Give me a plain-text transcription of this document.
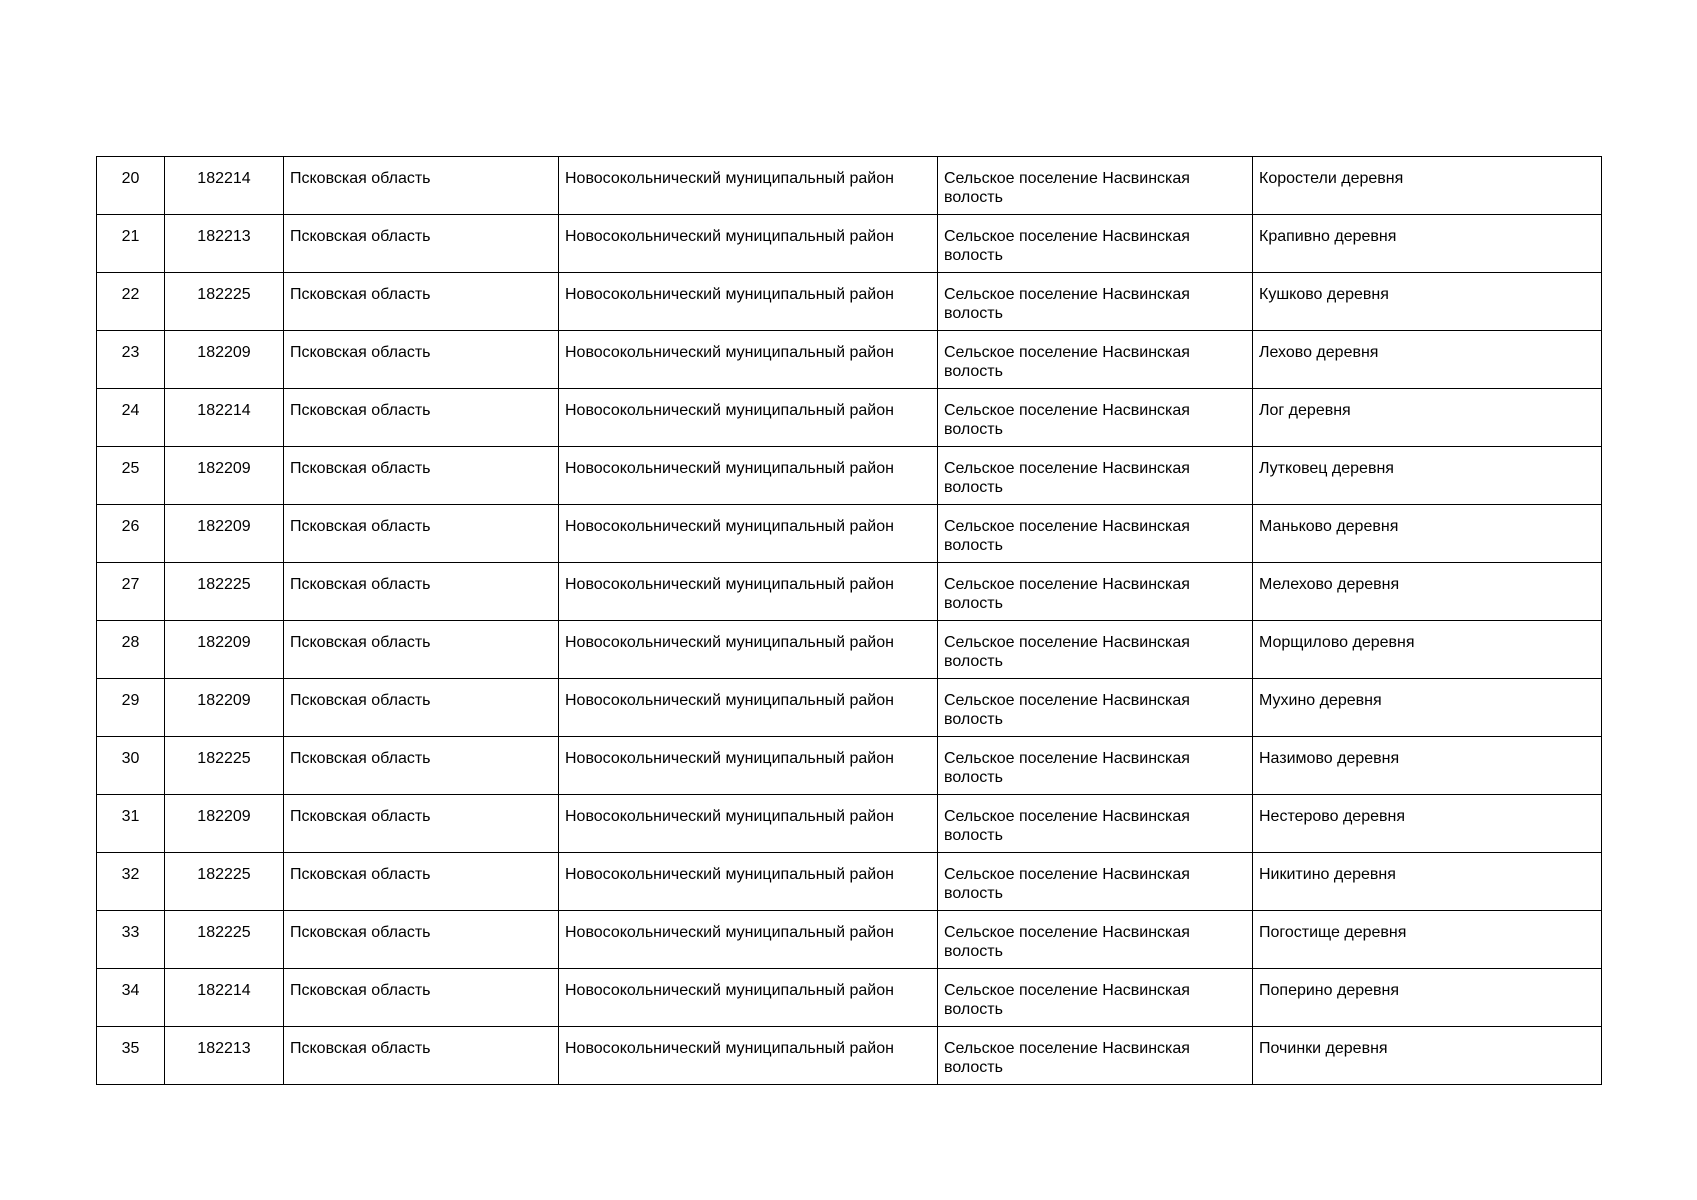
20	182214	Псковская область	Новосокольнический муниципальный район	Сельское поселение Насвинская волость	Коростели деревня
21	182213	Псковская область	Новосокольнический муниципальный район	Сельское поселение Насвинская волость	Крапивно деревня
22	182225	Псковская область	Новосокольнический муниципальный район	Сельское поселение Насвинская волость	Кушково деревня
23	182209	Псковская область	Новосокольнический муниципальный район	Сельское поселение Насвинская волость	Лехово деревня
24	182214	Псковская область	Новосокольнический муниципальный район	Сельское поселение Насвинская волость	Лог деревня
25	182209	Псковская область	Новосокольнический муниципальный район	Сельское поселение Насвинская волость	Лутковец деревня
26	182209	Псковская область	Новосокольнический муниципальный район	Сельское поселение Насвинская волость	Маньково деревня
27	182225	Псковская область	Новосокольнический муниципальный район	Сельское поселение Насвинская волость	Мелехово деревня
28	182209	Псковская область	Новосокольнический муниципальный район	Сельское поселение Насвинская волость	Морщилово деревня
29	182209	Псковская область	Новосокольнический муниципальный район	Сельское поселение Насвинская волость	Мухино деревня
30	182225	Псковская область	Новосокольнический муниципальный район	Сельское поселение Насвинская волость	Назимово деревня
31	182209	Псковская область	Новосокольнический муниципальный район	Сельское поселение Насвинская волость	Нестерово деревня
32	182225	Псковская область	Новосокольнический муниципальный район	Сельское поселение Насвинская волость	Никитино деревня
33	182225	Псковская область	Новосокольнический муниципальный район	Сельское поселение Насвинская волость	Погостище деревня
34	182214	Псковская область	Новосокольнический муниципальный район	Сельское поселение Насвинская волость	Поперино деревня
35	182213	Псковская область	Новосокольнический муниципальный район	Сельское поселение Насвинская волость	Починки деревня
